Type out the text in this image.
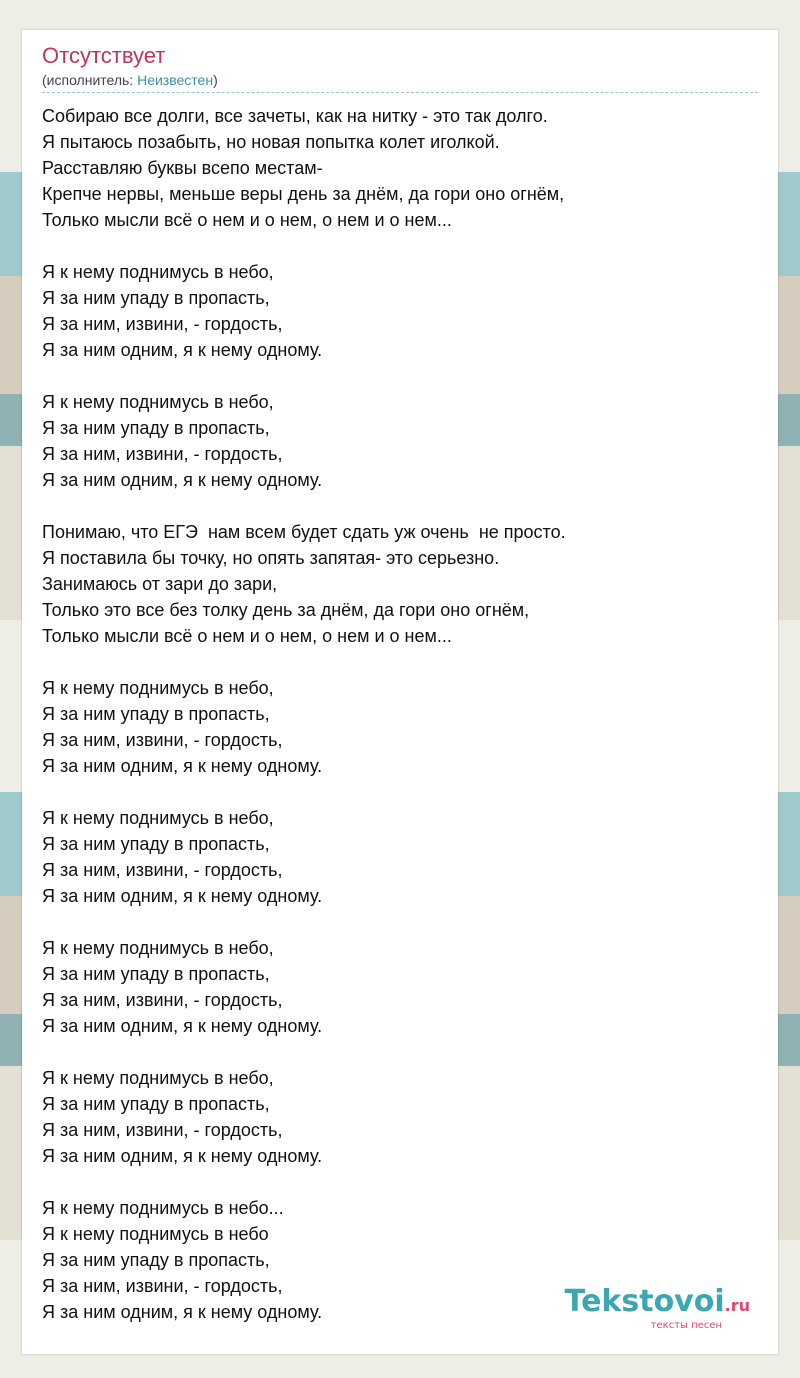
Отсутствует
(исполнитель: Неизвестен)
Собираю все долги, все зачеты, как на нитку - это так долго.
Я пытаюсь позабыть, но новая попытка колет иголкой.
Расставляю буквы всепо местам-
Крепче нервы, меньше веры день за днём, да гори оно огнём,
Только мысли всё о нем и о нем, о нем и о нем...
Я к нему поднимусь в небо,
Я за ним упаду в пропасть,
Я за ним, извини, - гордость,
Я за ним одним, я к нему одному.
Я к нему поднимусь в небо,
Я за ним упаду в пропасть,
Я за ним, извини, - гордость,
Я за ним одним, я к нему одному.
Понимаю, что ЕГЭ  нам всем будет сдать уж очень  не просто.
Я поставила бы точку, но опять запятая- это серьезно.
Занимаюсь от зари до зари,
Только это все без толку день за днём, да гори оно огнём,
Только мысли всё о нем и о нем, о нем и о нем...
Я к нему поднимусь в небо,
Я за ним упаду в пропасть,
Я за ним, извини, - гордость,
Я за ним одним, я к нему одному.
Я к нему поднимусь в небо,
Я за ним упаду в пропасть,
Я за ним, извини, - гордость,
Я за ним одним, я к нему одному.
Я к нему поднимусь в небо,
Я за ним упаду в пропасть,
Я за ним, извини, - гордость,
Я за ним одним, я к нему одному.
Я к нему поднимусь в небо,
Я за ним упаду в пропасть,
Я за ним, извини, - гордость,
Я за ним одним, я к нему одному.
Я к нему поднимусь в небо...
Я к нему поднимусь в небо
Я за ним упаду в пропасть,
Я за ним, извини, - гордость,
Я за ним одним, я к нему одному.	Tekstovoi.ru
тексты песен
